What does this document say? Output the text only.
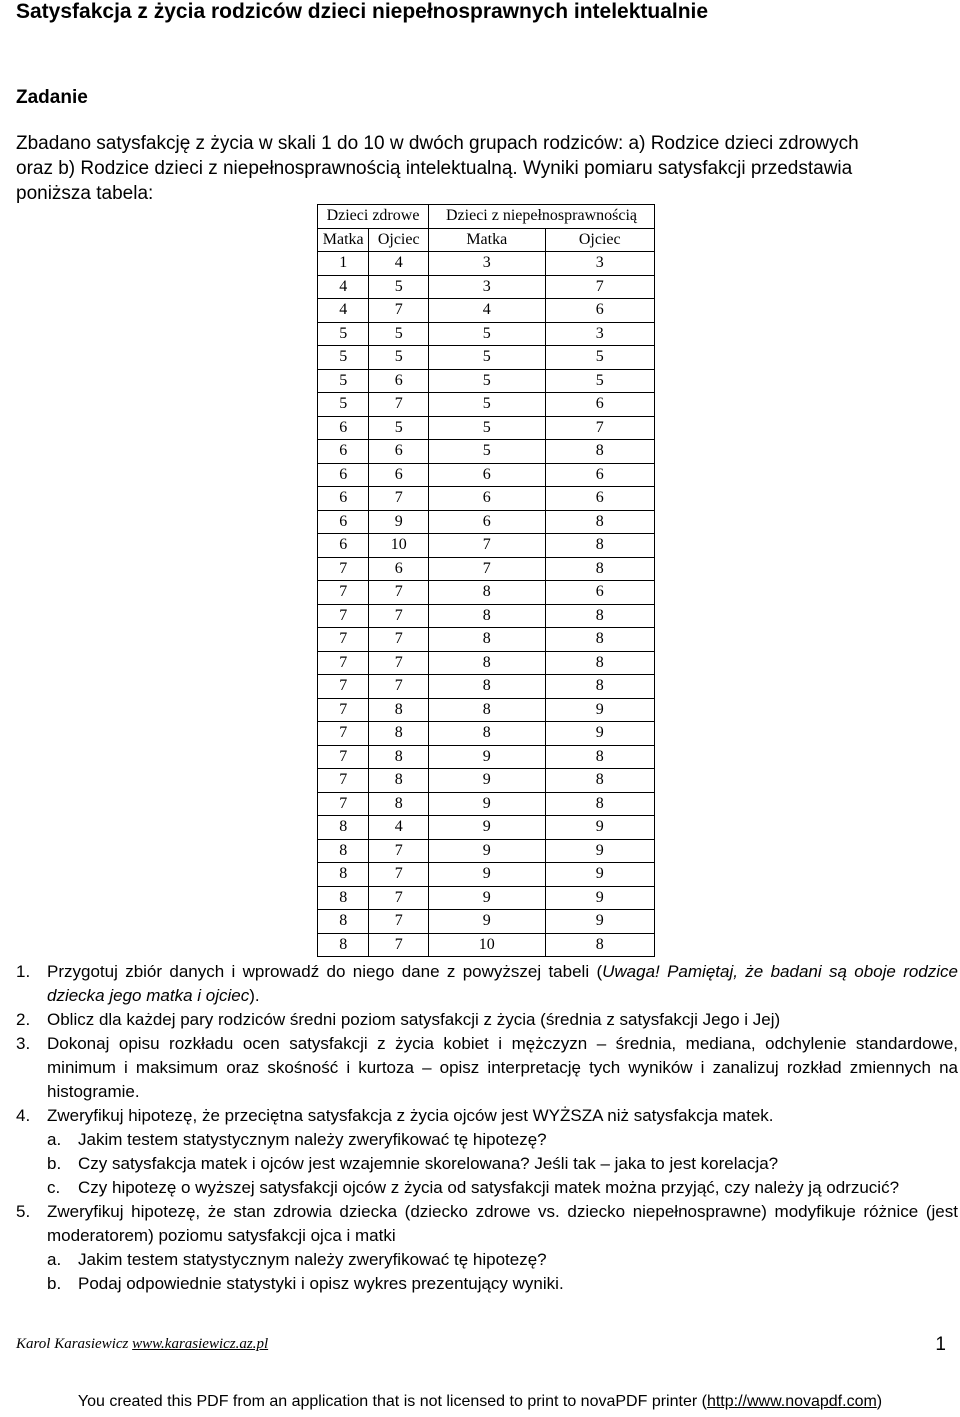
Satysfakcja z życia rodziców dzieci niepełnosprawnych intelektualnie
Zadanie

Zbadano satysfakcję z życia w skali 1 do 10 w dwóch grupach rodziców: a) Rodzice dzieci zdrowych
oraz b) Rodzice dzieci z niepełnosprawnością intelektualną. Wyniki pomiaru satysfakcji przedstawia
poniższa tabela:

Dzieci zdrowe		Dzieci z niepełnosprawnością	
Matka	Ojciec	Matka	Ojciec
1	4	3	3
4	5	3	7
4	7	4	6
5	5	5	3
5	5	5	5
5	6	5	5
5	7	5	6
6	5	5	7
6	6	5	8
6	6	6	6
6	7	6	6
6	9	6	8
6	10	7	8
7	6	7	8
7	7	8	6
7	7	8	8
7	7	8	8
7	7	8	8
7	7	8	8
7	8	8	9
7	8	8	9
7	8	9	8
7	8	9	8
7	8	9	8
8	4	9	9
8	7	9	9
8	7	9	9
8	7	9	9
8	7	9	9
8	7	10	8
1. Przygotuj zbiór danych i wprowadź do niego dane z powyższej tabeli (Uwaga! Pamiętaj, że badani są oboje rodzice dziecka jego matka i ojciec).
2. Oblicz dla każdej pary rodziców średni poziom satysfakcji z życia (średnia z satysfakcji Jego i Jej)
3. Dokonaj opisu rozkładu ocen satysfakcji z życia kobiet i mężczyzn – średnia, mediana, odchylenie standardowe, minimum i maksimum oraz skośność i kurtoza – opisz interpretację tych wyników i zanalizuj rozkład zmiennych na histogramie.
4. Zweryfikuj hipotezę, że przeciętna satysfakcja z życia ojców jest WYŻSZA niż satysfakcja matek.
a. Jakim testem statystycznym należy zweryfikować tę hipotezę?
b. Czy satysfakcja matek i ojców jest wzajemnie skorelowana? Jeśli tak – jaka to jest korelacja?
c. Czy hipotezę o wyższej satysfakcji ojców z życia od satysfakcji matek można przyjąć, czy należy ją odrzucić?
5. Zweryfikuj hipotezę, że stan zdrowia dziecka (dziecko zdrowe vs. dziecko niepełnosprawne) modyfikuje różnice (jest moderatorem) poziomu satysfakcji ojca i matki
a. Jakim testem statystycznym należy zweryfikować tę hipotezę?
b. Podaj odpowiednie statystyki i opisz wykres prezentujący wyniki.
Karol Karasiewicz www.karasiewicz.az.pl	1
You created this PDF from an application that is not licensed to print to novaPDF printer (http://www.novapdf.com)
